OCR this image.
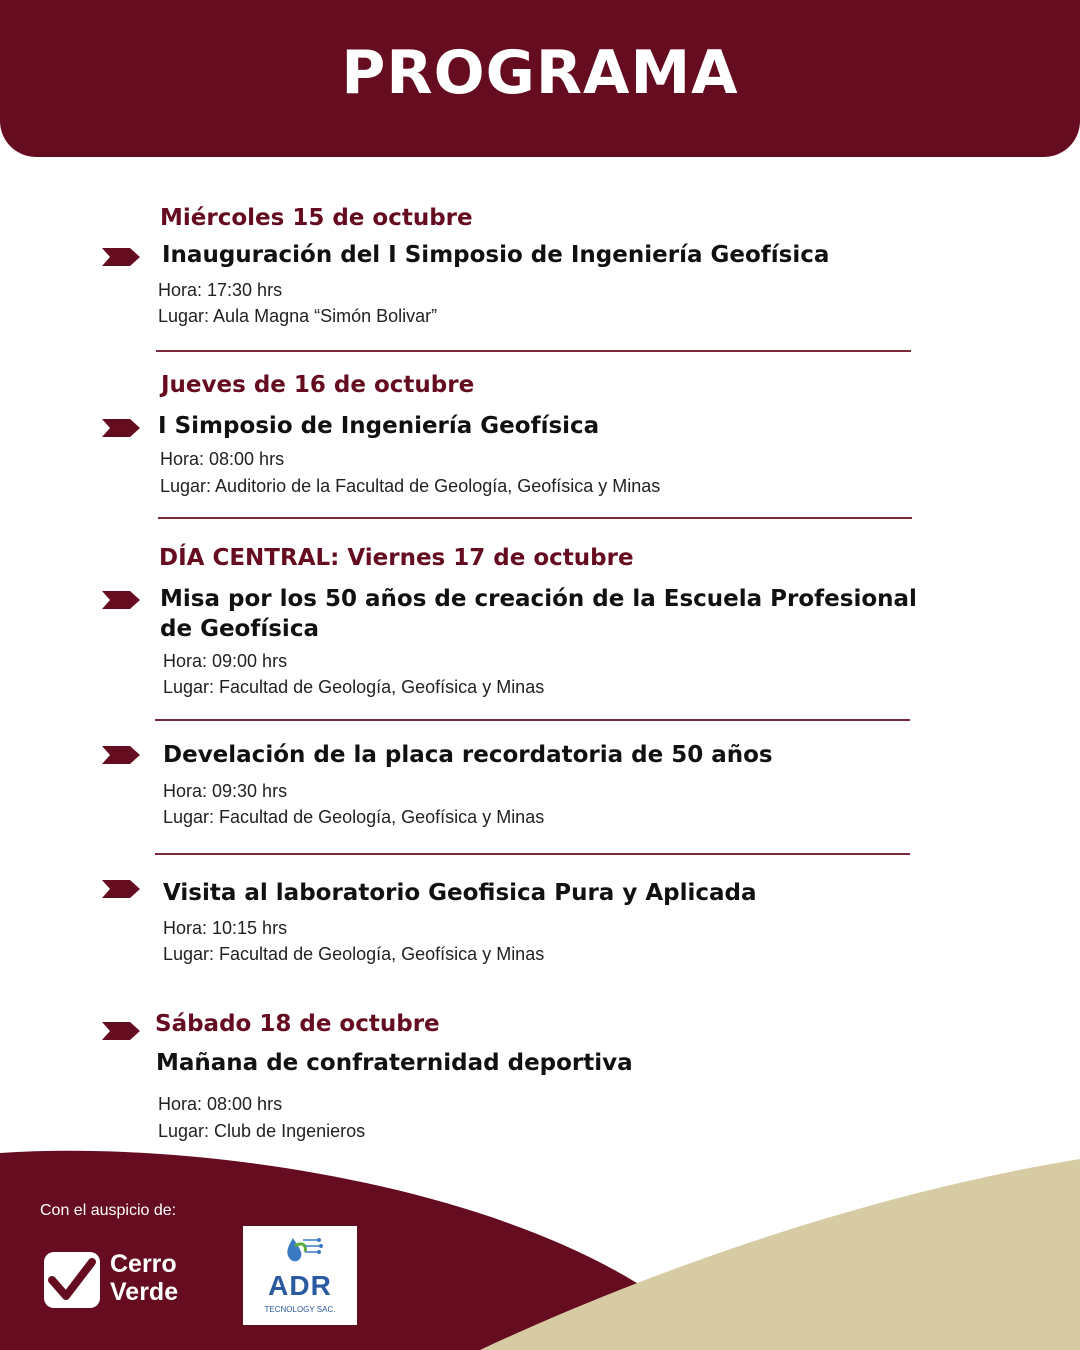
PROGRAMA
Miércoles 15 de octubre
Inauguración del I Simposio de Ingeniería Geofísica
Hora: 17:30 hrs
Lugar: Aula Magna “Simón Bolivar”
Jueves de 16 de octubre
I Simposio de Ingeniería Geofísica
Hora: 08:00 hrs
Lugar: Auditorio de la Facultad de Geología, Geofísica y Minas
DÍA CENTRAL: Viernes 17 de octubre
Misa por los 50 años de creación de la Escuela Profesional de Geofísica
Hora: 09:00 hrs
Lugar: Facultad de Geología, Geofísica y Minas
Develación de la placa recordatoria de 50 años
Hora: 09:30 hrs
Lugar: Facultad de Geología, Geofísica y Minas
Visita al laboratorio Geofisica Pura y Aplicada
Hora: 10:15 hrs
Lugar: Facultad de Geología, Geofísica y Minas
Sábado 18 de octubre
Mañana de confraternidad deportiva
Hora: 08:00 hrs
Lugar: Club de Ingenieros
Con el auspicio de:
Cerro
Verde	ADR
TECNOLOGY SAC.
